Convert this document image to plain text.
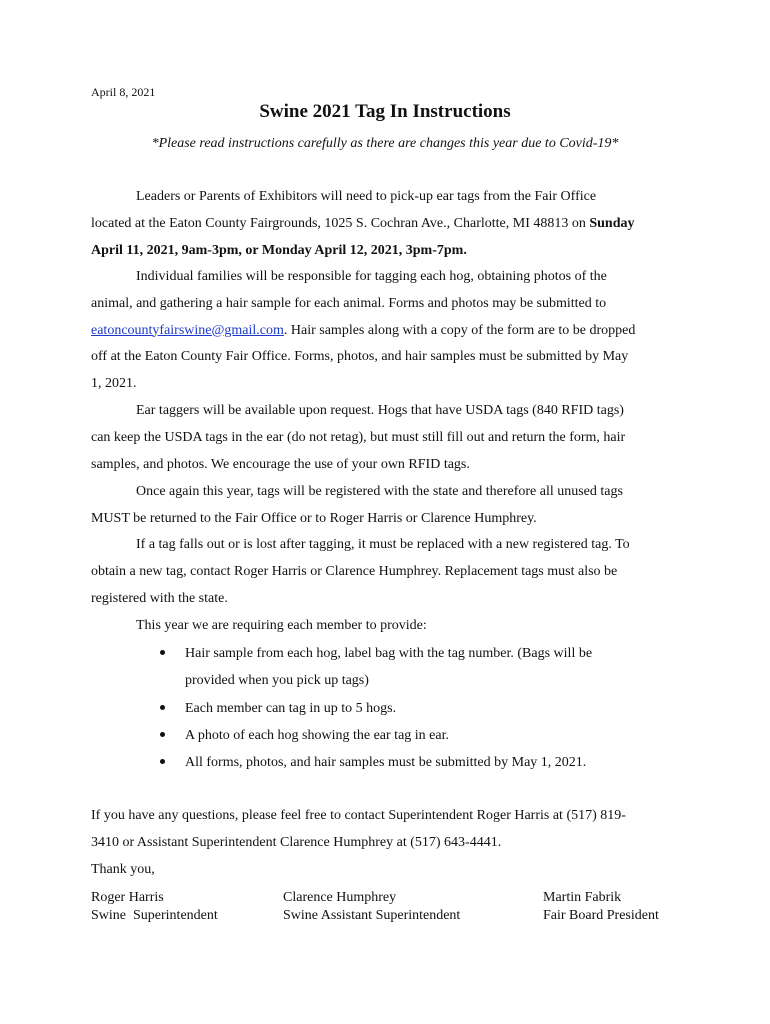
April 8, 2021
Swine 2021 Tag In Instructions
*Please read instructions carefully as there are changes this year due to Covid-19*
Leaders or Parents of Exhibitors will need to pick-up ear tags from the Fair Office
located at the Eaton County Fairgrounds, 1025 S. Cochran Ave., Charlotte, MI 48813 on Sunday
April 11, 2021, 9am-3pm, or Monday April 12, 2021, 3pm-7pm.
Individual families will be responsible for tagging each hog, obtaining photos of the
animal, and gathering a hair sample for each animal. Forms and photos may be submitted to
eatoncountyfairswine@gmail.com. Hair samples along with a copy of the form are to be dropped
off at the Eaton County Fair Office. Forms, photos, and hair samples must be submitted by May
1, 2021.
Ear taggers will be available upon request. Hogs that have USDA tags (840 RFID tags)
can keep the USDA tags in the ear (do not retag), but must still fill out and return the form, hair
samples, and photos. We encourage the use of your own RFID tags.
Once again this year, tags will be registered with the state and therefore all unused tags
MUST be returned to the Fair Office or to Roger Harris or Clarence Humphrey.
If a tag falls out or is lost after tagging, it must be replaced with a new registered tag. To
obtain a new tag, contact Roger Harris or Clarence Humphrey. Replacement tags must also be
registered with the state.
This year we are requiring each member to provide:
Hair sample from each hog, label bag with the tag number. (Bags will be
provided when you pick up tags)
Each member can tag in up to 5 hogs.
A photo of each hog showing the ear tag in ear.
All forms, photos, and hair samples must be submitted by May 1, 2021.
If you have any questions, please feel free to contact Superintendent Roger Harris at (517) 819-
3410 or Assistant Superintendent Clarence Humphrey at (517) 643-4441.
Thank you,
Roger Harris
Swine  Superintendent
Clarence Humphrey
Swine Assistant Superintendent
Martin Fabrik
Fair Board President
